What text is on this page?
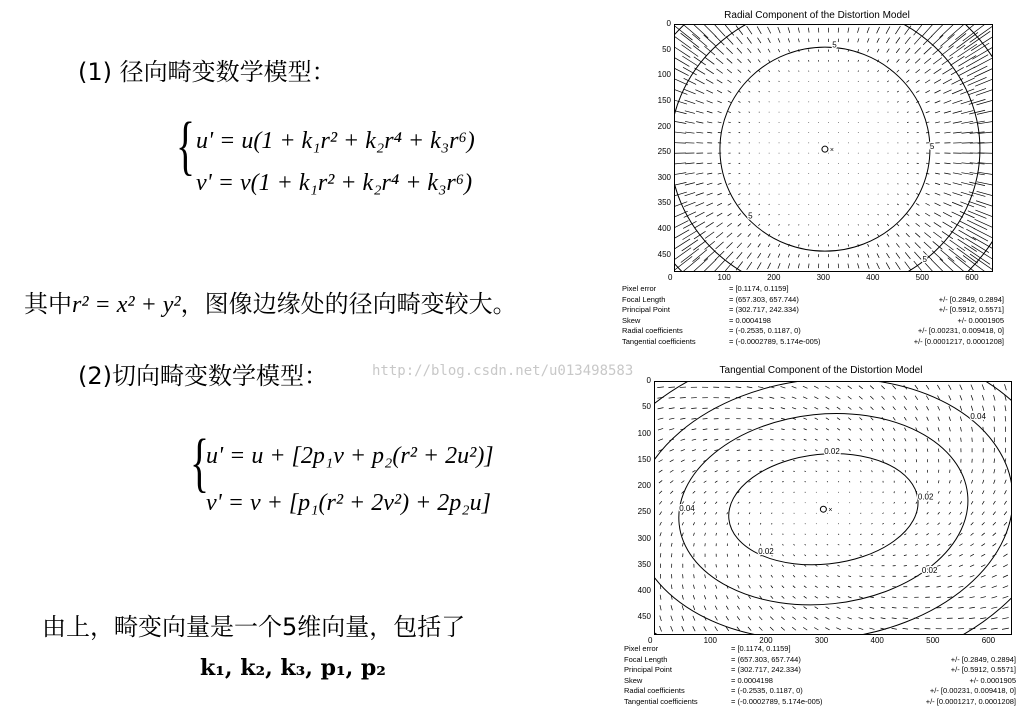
(1) 径向畸变数学模型：
{ u' = u(1 + k₁r² + k₂r⁴ + k₃r⁶)
v' = v(1 + k₁r² + k₂r⁴ + k₃r⁶)
其中r² = x² + y²，图像边缘处的径向畸变较大。
(2)切向畸变数学模型：
{
u' = u + [2p₁v + p₂(r² + 2u²)]
v' = v + [p₁(r² + 2v²) + 2p₂u]
由上，畸变向量是一个5维向量，包括了
k₁, k₂, k₃, p₁, p₂
http://blog.csdn.net/u013498583
Radial Component of the Distortion Model
×	5
5
5
5
0	100	200	300	400	500	600
0
50
100
150
200
250
300
350
400
450
Pixel error	= [0.1174, 0.1159]
Focal Length	= (657.303, 657.744)	+/- [0.2849, 0.2894]
Principal Point	= (302.717, 242.334)	+/- [0.5912, 0.5571]
Skew	= 0.0004198	+/- 0.0001905
Radial coefficients	= (-0.2535, 0.1187, 0)	+/- [0.00231, 0.009418, 0]
Tangential coefficients	= (-0.0002789, 5.174e-005)	+/- [0.0001217, 0.0001208]
Tangential Component of the Distortion Model
×
0.02
0.02
0.02
0.02
0.04
0.04
0	100	200	300	400	500	600
0
50
100
150
200
250
300
350
400
450
Pixel error	= [0.1174, 0.1159]
Focal Length	= (657.303, 657.744)	+/- [0.2849, 0.2894]
Principal Point	= (302.717, 242.334)	+/- [0.5912, 0.5571]
Skew	= 0.0004198	+/- 0.0001905
Radial coefficients	= (-0.2535, 0.1187, 0)	+/- [0.00231, 0.009418, 0]
Tangential coefficients	= (-0.0002789, 5.174e-005)	+/- [0.0001217, 0.0001208]
